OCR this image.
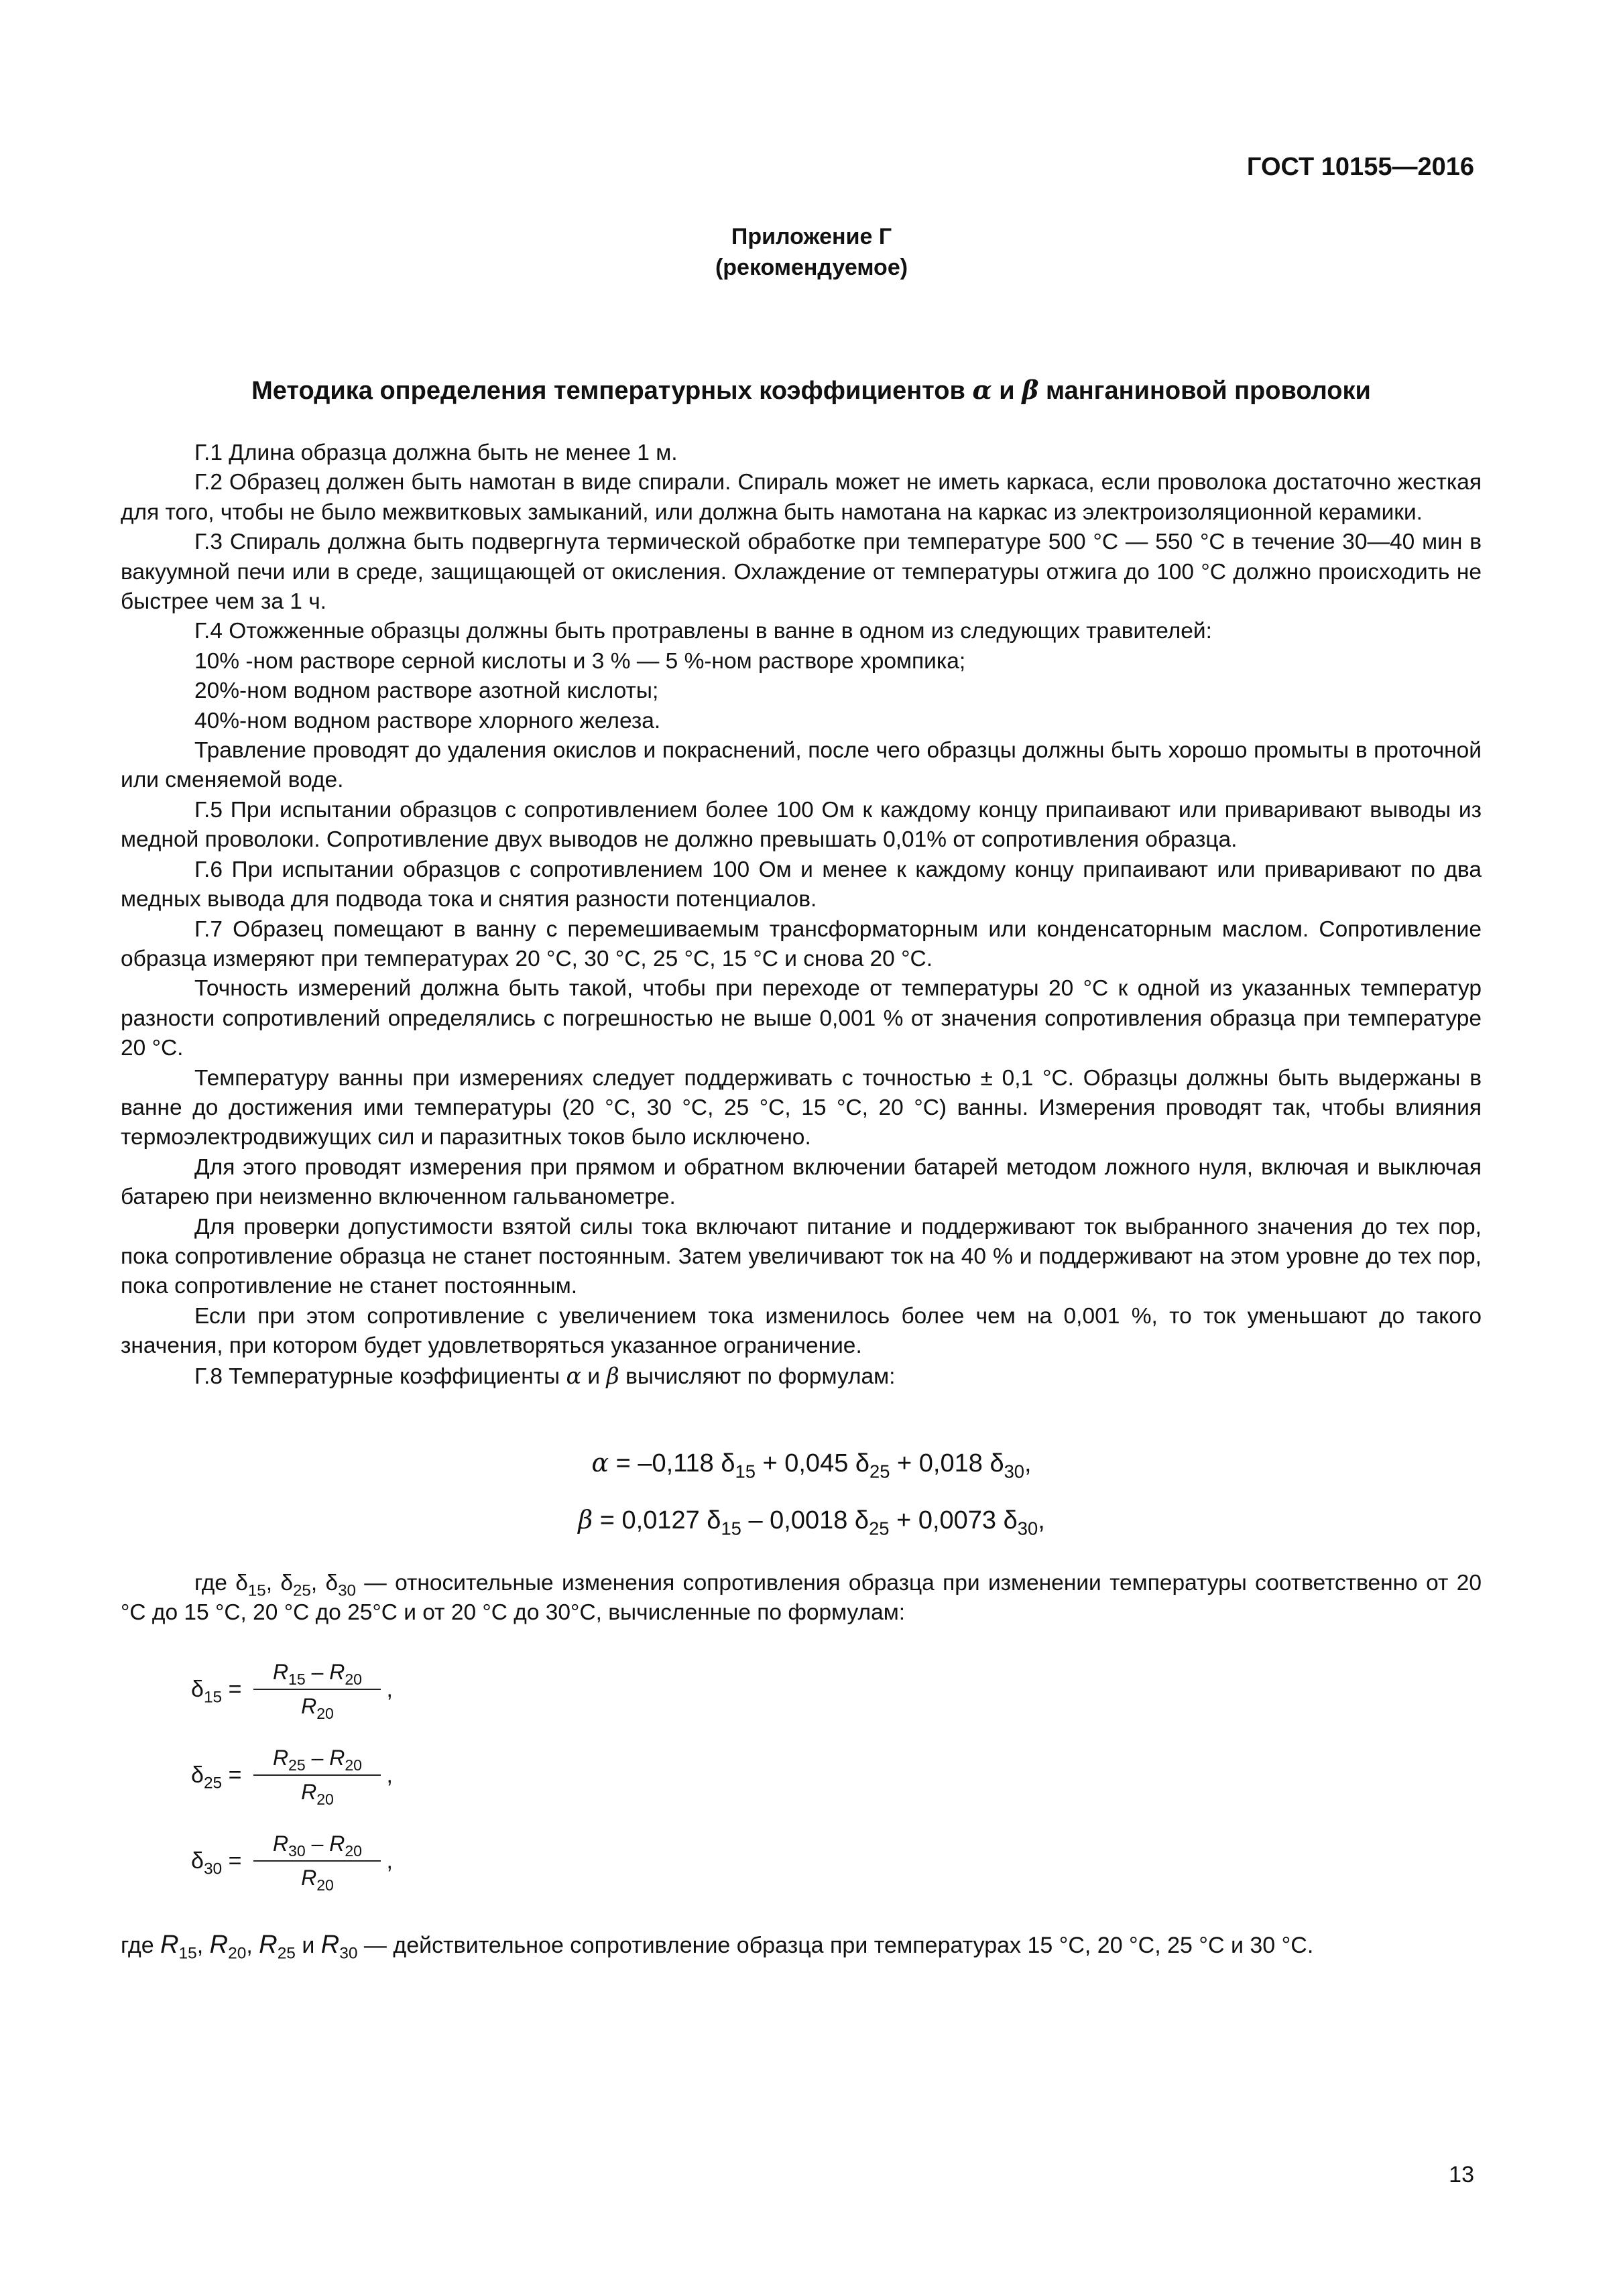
ГОСТ 10155—2016
Приложение Г
(рекомендуемое)
Методика определения температурных коэффициентов α и β манганиновой проволоки

Г.1 Длина образца должна быть не менее 1 м.

Г.2 Образец должен быть намотан в виде спирали. Спираль может не иметь каркаса, если проволока достаточно жесткая для того, чтобы не было межвитковых замыканий, или должна быть намотана на каркас из электроизоляционной керамики.

Г.3 Спираль должна быть подвергнута термической обработке при температуре 500 °С — 550 °С в течение 30—40 мин в вакуумной печи или в среде, защищающей от окисления. Охлаждение от температуры отжига до 100 °С должно происходить не быстрее чем за 1 ч.

Г.4 Отожженные образцы должны быть протравлены в ванне в одном из следующих травителей:

10% -ном растворе серной кислоты и 3 % — 5 %-ном растворе хромпика;

20%-ном водном растворе азотной кислоты;

40%-ном водном растворе хлорного железа.

Травление проводят до удаления окислов и покраснений, после чего образцы должны быть хорошо промыты в проточной или сменяемой воде.

Г.5 При испытании образцов с сопротивлением более 100 Ом к каждому концу припаивают или приваривают выводы из медной проволоки. Сопротивление двух выводов не должно превышать 0,01% от сопротивления образца.

Г.6 При испытании образцов с сопротивлением 100 Ом и менее к каждому концу припаивают или приваривают по два медных вывода для подвода тока и снятия разности потенциалов.

Г.7 Образец помещают в ванну с перемешиваемым трансформаторным или конденсаторным маслом. Сопротивление образца измеряют при температурах 20 °С, 30 °С, 25 °С, 15 °С и снова 20 °С.

Точность измерений должна быть такой, чтобы при переходе от температуры 20 °С к одной из указанных температур разности сопротивлений определялись с погрешностью не выше 0,001 % от значения сопротивления образца при температуре 20 °С.

Температуру ванны при измерениях следует поддерживать с точностью ± 0,1 °С. Образцы должны быть выдержаны в ванне до достижения ими температуры (20 °С, 30 °С, 25 °С, 15 °С, 20 °С) ванны. Измерения проводят так, чтобы влияния термоэлектродвижущих сил и паразитных токов было исключено.

Для этого проводят измерения при прямом и обратном включении батарей методом ложного нуля, включая и выключая батарею при неизменно включенном гальванометре.

Для проверки допустимости взятой силы тока включают питание и поддерживают ток выбранного значения до тех пор, пока сопротивление образца не станет постоянным. Затем увеличивают ток на 40 % и поддерживают на этом уровне до тех пор, пока сопротивление не станет постоянным.

Если при этом сопротивление с увеличением тока изменилось более чем на 0,001 %, то ток уменьшают до такого значения, при котором будет удовлетворяться указанное ограничение.

Г.8 Температурные коэффициенты α и β вычисляют по формулам:

α = –0,118 $\delta_{15} + 0,045$ $\delta_{25} + 0,018$ $\delta_{30}$,
β = 0,0127 $\delta_{15} - 0,0018$ $\delta_{25} + 0,0073$ $\delta_{30}$,
где $\delta_{15}$, $\delta_{25}$, $\delta_{30}$ — относительные изменения сопротивления образца при изменении температуры соответственно от 20 °С до 15 °С, 20 °С до 25°С и от 20 °С до 30°С, вычисленные по формулам:
$\delta_{15} = \frac{R_{15} - R_{20}}{R_{20}}$ ,
$\delta_{25} = \frac{R_{25} - R_{20}}{R_{20}}$ ,
$\delta_{30} = \frac{R_{30} - R_{20}}{R_{20}}$ ,
где $R_{15}$, $R_{20}$, $R_{25}$ и $R_{30}$ — действительное сопротивление образца при температурах 15 °С, 20 °С, 25 °С и 30 °С.
13
